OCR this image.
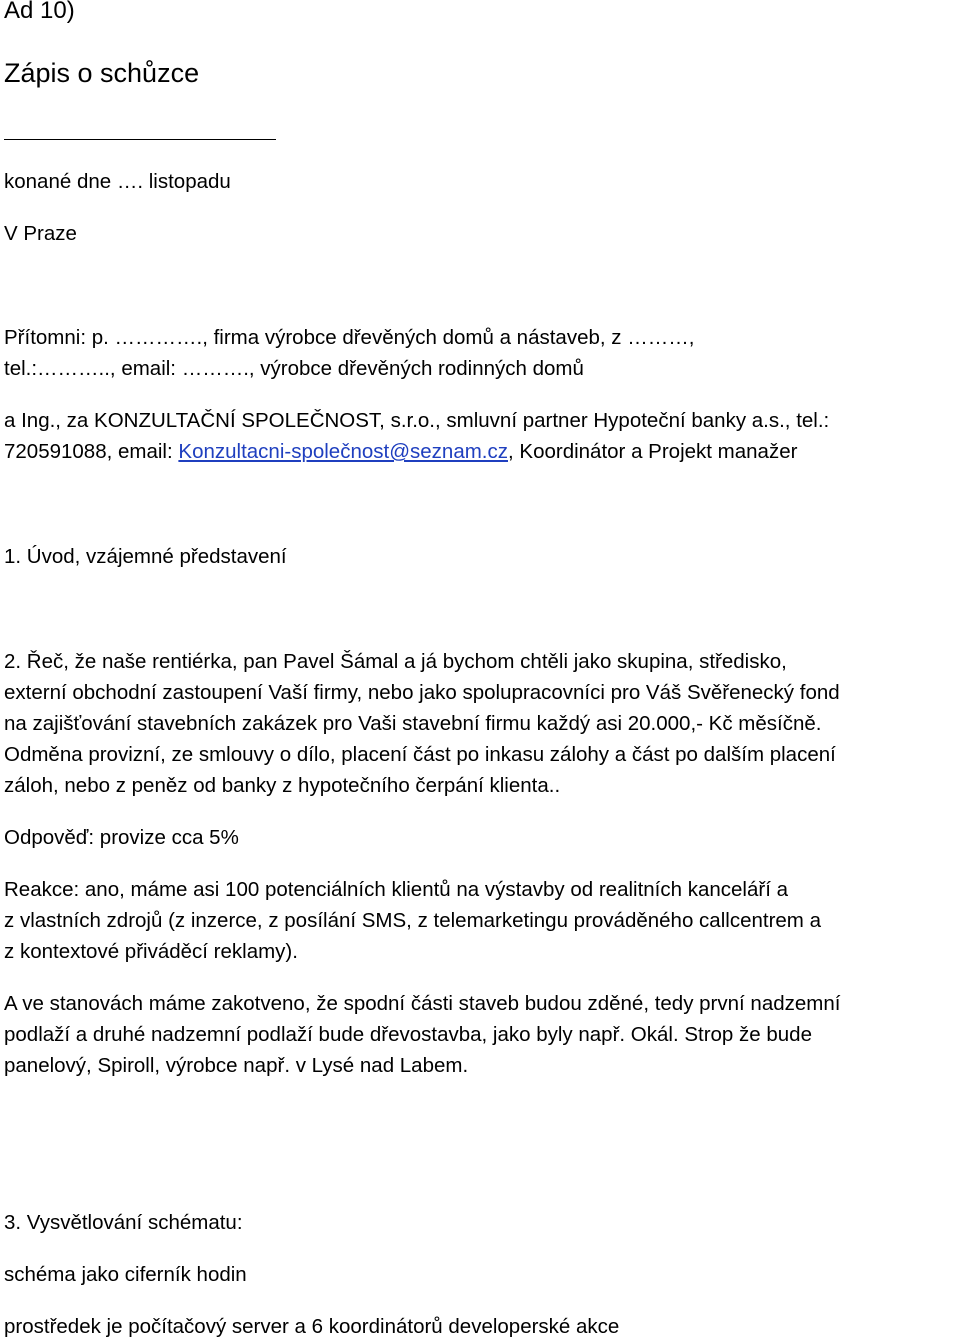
Ad 10)
Zápis o schůzce
konané dne …. listopadu
V Praze
Přítomni: p. …………., firma výrobce dřevěných domů a nástaveb, z ………,
tel.:……….., email: ………., výrobce dřevěných rodinných domů
a Ing., za KONZULTAČNÍ SPOLEČNOST, s.r.o., smluvní partner Hypoteční banky a.s., tel.:
720591088, email: Konzultacni-společnost@seznam.cz, Koordinátor a Projekt manažer
1. Úvod, vzájemné představení
2. Řeč, že naše rentiérka, pan Pavel Šámal a já bychom chtěli jako skupina, středisko,
externí obchodní zastoupení Vaší firmy, nebo jako spolupracovníci pro Váš Svěřenecký fond
na zajišťování stavebních zakázek pro Vaši stavební firmu každý asi 20.000,- Kč měsíčně.
Odměna provizní, ze smlouvy o dílo, placení část po inkasu zálohy a část po dalším placení
záloh, nebo z peněz od banky z hypotečního čerpání klienta..
Odpověď: provize cca 5%
Reakce: ano, máme asi 100 potenciálních klientů na výstavby od realitních kanceláří a
z vlastních zdrojů (z inzerce, z posílání SMS, z telemarketingu prováděného callcentrem a
z kontextové přiváděcí reklamy).
A ve stanovách máme zakotveno, že spodní části staveb budou zděné, tedy první nadzemní
podlaží a druhé nadzemní podlaží bude dřevostavba, jako byly např. Okál. Strop že bude
panelový, Spiroll, výrobce např. v Lysé nad Labem.
3. Vysvětlování schématu:
schéma jako ciferník hodin
prostředek je počítačový server a 6 koordinátorů developerské akce
